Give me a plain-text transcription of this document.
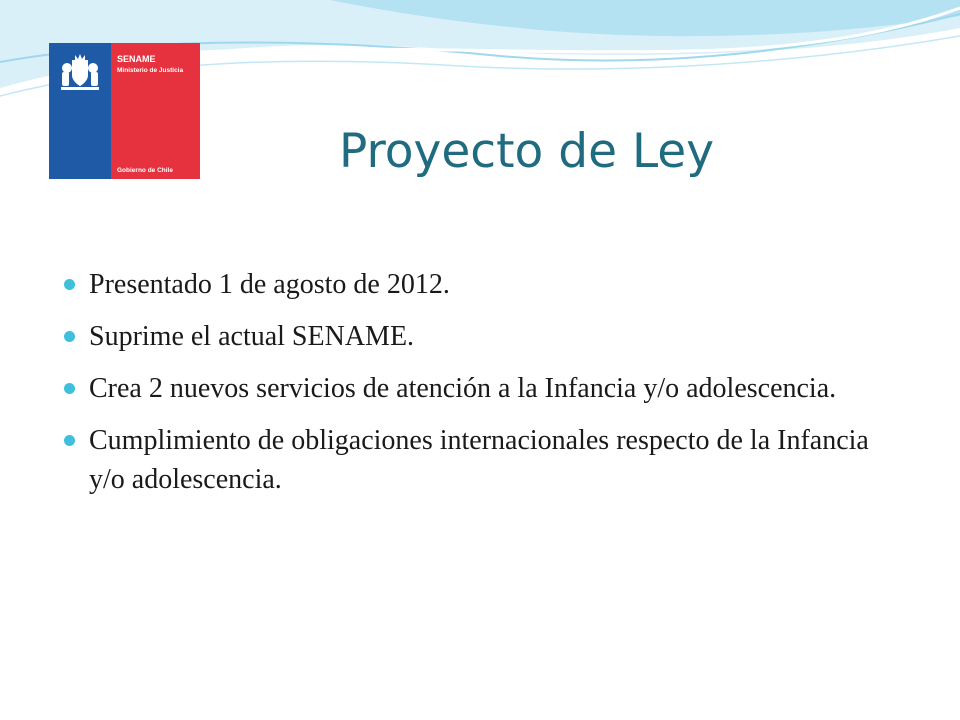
SENAME
Ministerio de Justicia
Gobierno de Chile	Proyecto de Ley
Presentado 1 de agosto de 2012.
Suprime el actual SENAME.
Crea 2 nuevos servicios de atención a la Infancia y/o adolescencia.
Cumplimiento de obligaciones internacionales respecto de la Infancia y/o adolescencia.
